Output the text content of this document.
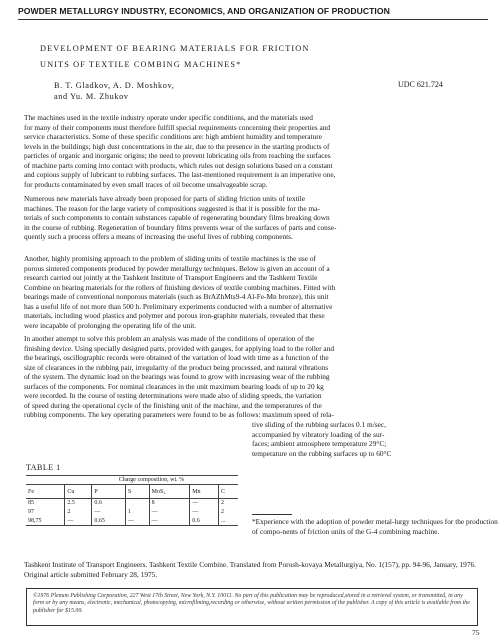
POWDER METALLURGY INDUSTRY, ECONOMICS, AND ORGANIZATION OF PRODUCTION
DEVELOPMENT OF BEARING MATERIALS FOR FRICTION
UNITS OF TEXTILE COMBING MACHINES*
B. T. Gladkov, A. D. Moshkov,
and Yu. M. Zhukov
UDC 621.724
The machines used in the textile industry operate under specific conditions, and the materials used
for many of their components must therefore fulfill special requirements concerning their properties and
service characteristics. Some of these specific conditions are: high ambient humidity and temperature
levels in the buildings; high dust concentrations in the air, due to the presence in the starting products of
particles of organic and inorganic origins; the need to prevent lubricating oils from reaching the surfaces
of machine parts coming into contact with products, which rules out design solutions based on a constant
and copious supply of lubricant to rubbing surfaces. The last-mentioned requirement is an imperative one,
for products contaminated by even small traces of oil become unsalvageable scrap.
Numerous new materials have already been proposed for parts of sliding friction units of textile
machines. The reason for the large variety of compositions suggested is that it is possible for the ma-
terials of such components to contain substances capable of regenerating boundary films breaking down
in the course of rubbing. Regeneration of boundary films prevents wear of the surfaces of parts and conse-
quently such a process offers a means of increasing the useful lives of rubbing components.
Another, highly promising approach to the problem of sliding units of textile machines is the use of
porous sintered components produced by powder metallurgy techniques. Below is given an account of a
research carried out jointly at the Tashkent Institute of Transport Engineers and the Tashkent Textile
Combine on bearing materials for the rollers of finishing devices of textile combing machines. Fitted with
bearings made of conventional nonporous materials (such as BrAZhMts9-4 Al-Fe-Mn bronze), this unit
has a useful life of not more than 500 h. Preliminary experiments conducted with a number of alternative
materials, including wood plastics and polymer and porous iron-graphite materials, revealed that these
were incapable of prolonging the operating life of the unit.
In another attempt to solve this problem an analysis was made of the conditions of operation of the
finishing device. Using specially designed parts, provided with gauges, for applying load to the roller and
the bearings, oscillographic records were obtained of the variation of load with time as a function of the
size of clearances in the rubbing pair, irregularity of the product being processed, and natural vibrations
of the system. The dynamic load on the bearings was found to grow with increasing wear of the rubbing
surfaces of the components. For nominal clearances in the unit maximum bearing loads of up to 20 kg
were recorded. In the course of testing determinations were made also of sliding speeds, the variation
of speed during the operational cycle of the finishing unit of the machine, and the temperatures of the
rubbing components. The key operating parameters were found to be as follows: maximum speed of rela-
tive sliding of the rubbing surfaces 0.1 m/sec,
accompanied by vibratory loading of the sur-
faces; ambient atmosphere temperature 29°C;
temperature on the rubbing surfaces up to 60°C
TABLE 1
	Charge composition, wt. %					
Fe	Cu	P	S	MoS₂	Mn	C
85	2.5	0.6		8	—	2
97	2	—	1	—	—	2
98,75	—	0.65	—	—	0.6	...	*Experience with the adoption of powder metal-lurgy techniques for the production of compo-nents of friction units of the G-4 combining machine.
Tashkent Institute of Transport Engineers. Tashkent Textile Combine. Translated from Porosh-kovaya Metallurgiya, No. 1(157), pp. 94-96, January, 1976. Original article submitted February 28, 1975.
©1976 Plenum Publishing Corporation, 227 West 17th Street, New York, N.Y. 10011. No part of this publication may be reproduced,stored in a retrieval system, or transmitted, in any form or by any means, electronic, mechanical, photocopying, microfilming,recording or otherwise, without written permission of the publisher. A copy of this article is available from the publisher for $15.00.
75
